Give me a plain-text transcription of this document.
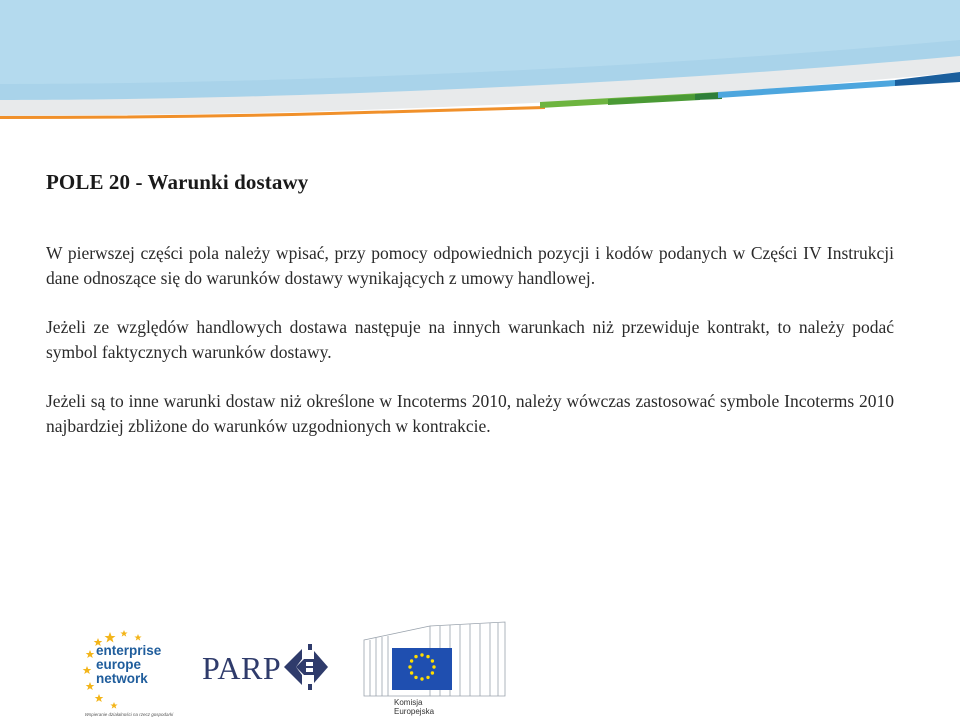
POLE 20 - Warunki dostawy

W pierwszej części pola należy wpisać, przy pomocy odpowiednich pozycji i kodów podanych w Części IV Instrukcji dane odnoszące się do warunków dostawy wynikających z umowy handlowej.

Jeżeli ze względów handlowych dostawa następuje na innych warunkach niż przewiduje kontrakt, to należy podać symbol faktycznych warunków dostawy.

Jeżeli są to inne warunki dostaw niż określone w Incoterms 2010, należy wówczas zastosować symbole Incoterms 2010 najbardziej zbliżone do warunków uzgodnionych w kontrakcie.

enterprise
europe
network
Wspieranie działalności na rzecz gospodarki
PARP
Komisja
Europejska
